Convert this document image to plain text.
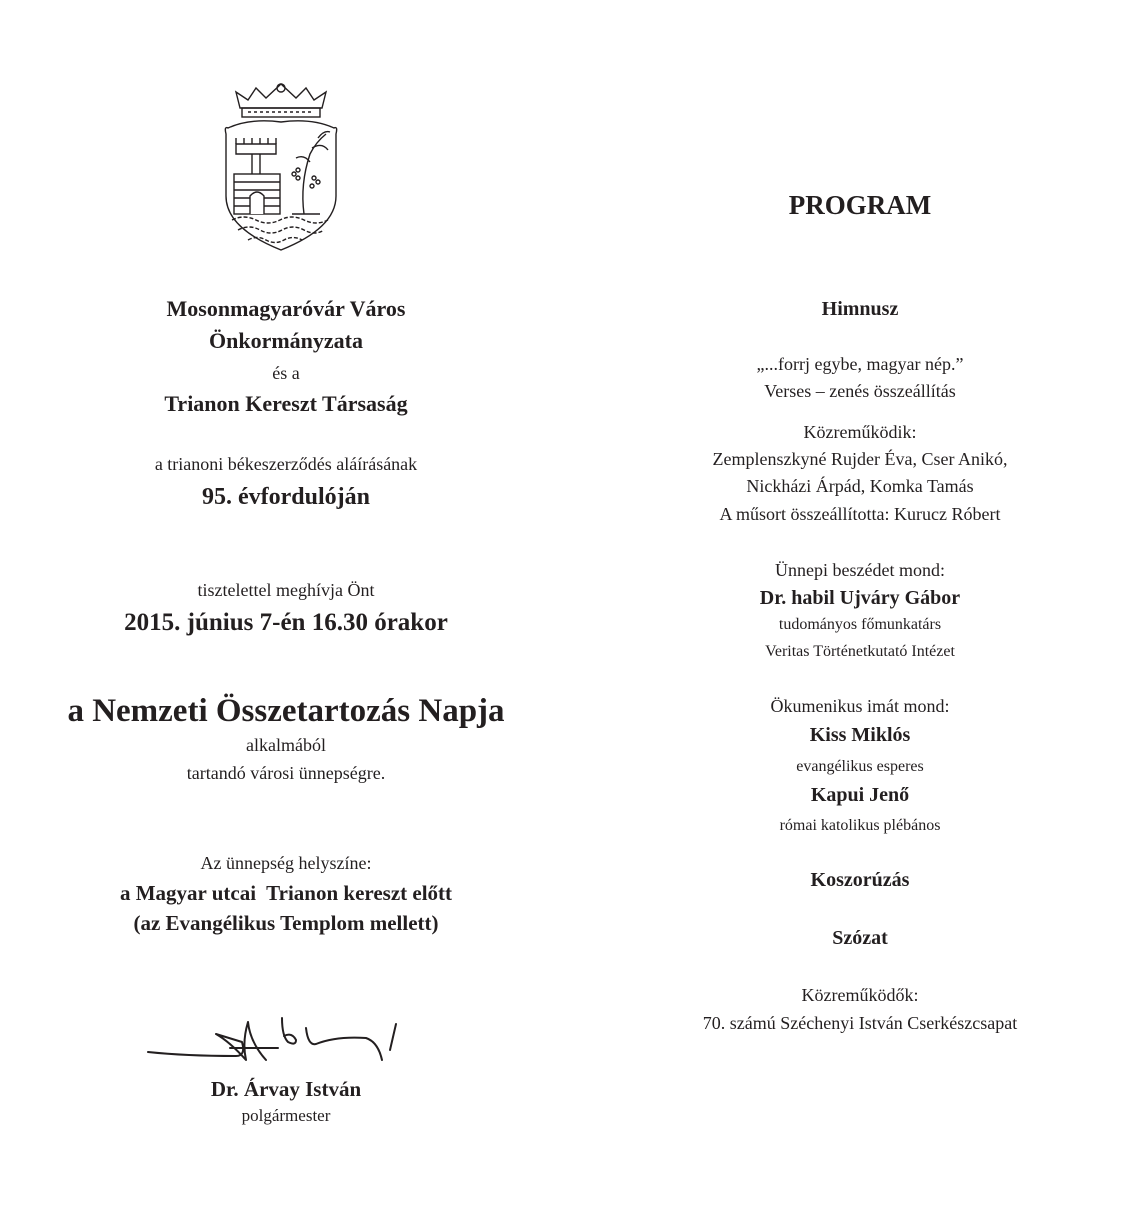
Mosonmagyaróvár Város
Önkormányzata
és a
Trianon Kereszt Társaság
a trianoni békeszerződés aláírásának
95. évfordulóján
tisztelettel meghívja Önt
2015. június 7-én 16.30 órakor
a Nemzeti Összetartozás Napja
alkalmából
tartandó városi ünnepségre.
Az ünnepség helyszíne:
a Magyar utcai  Trianon kereszt előtt
(az Evangélikus Templom mellett)
Dr. Árvay István
polgármester
PROGRAM
Himnusz
„...forrj egybe, magyar nép.”
Verses – zenés összeállítás
Közreműködik:
Zemplenszkyné Rujder Éva, Cser Anikó,
Nickházi Árpád, Komka Tamás
A műsort összeállította: Kurucz Róbert
Ünnepi beszédet mond:
Dr. habil Ujváry Gábor
tudományos főmunkatárs
Veritas Történetkutató Intézet
Ökumenikus imát mond:
Kiss Miklós
evangélikus esperes
Kapui Jenő
római katolikus plébános
Koszorúzás
Szózat
Közreműködők:
70. számú Széchenyi István Cserkészcsapat
